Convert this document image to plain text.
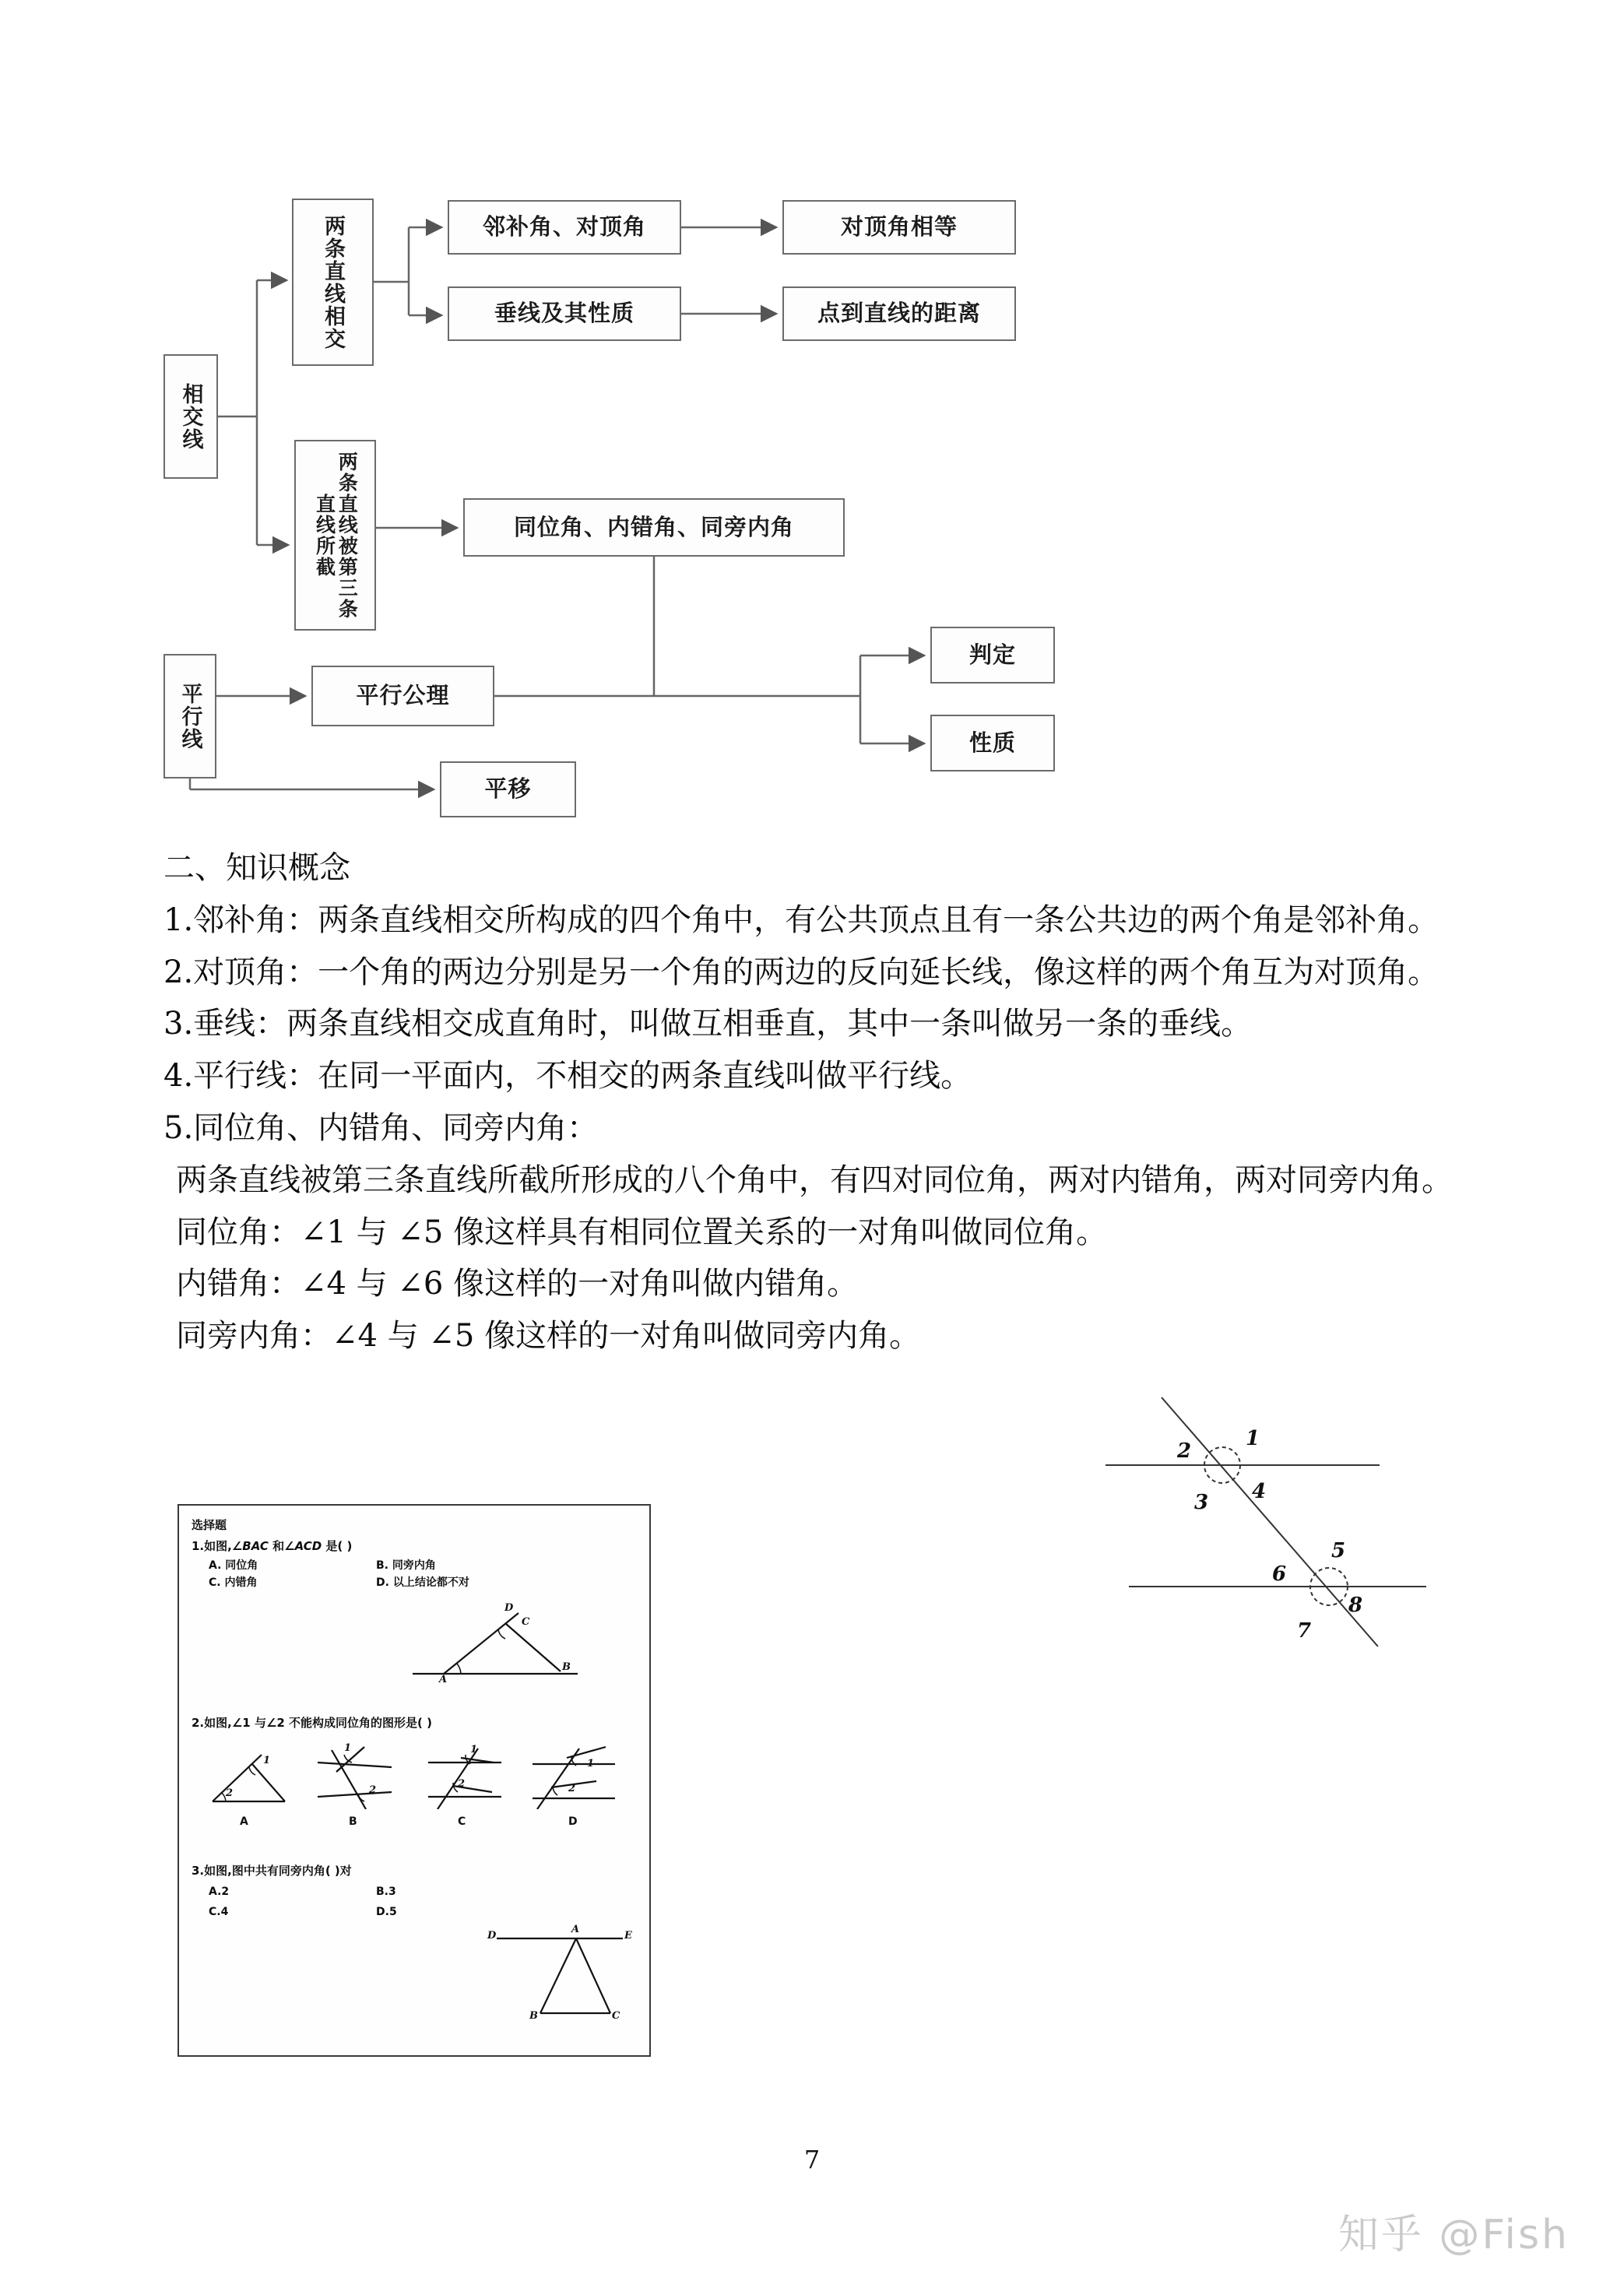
相交线
两条直线相交
两条直线被第三条直线所截
平行线
邻补角、对顶角	对顶角相等
垂线及其性质	点到直线的距离
同位角、内错角、同旁内角
平行公理
平移
判定
性质

二、知识概念

1.邻补角：两条直线相交所构成的四个角中，有公共顶点且有一条公共边的两个角是邻补角。

2.对顶角：一个角的两边分别是另一个角的两边的反向延长线，像这样的两个角互为对顶角。

3.垂线：两条直线相交成直角时，叫做互相垂直，其中一条叫做另一条的垂线。

4.平行线：在同一平面内，不相交的两条直线叫做平行线。

5.同位角、内错角、同旁内角：

两条直线被第三条直线所截所形成的八个角中，有四对同位角，两对内错角，两对同旁内角。

同位角：∠1 与 ∠5 像这样具有相同位置关系的一对角叫做同位角。

内错角：∠4 与 ∠6 像这样的一对角叫做内错角。

同旁内角：∠4 与 ∠5 像这样的一对角叫做同旁内角。

1
2
3 4
5
6
7
8
选择题
1.如图,∠BAC 和∠ACD 是( )
A. 同位角	B. 同旁内角
C. 内错角	D. 以上结论都不对
D
C
A
B
2.如图,∠1 与∠2 不能构成同位角的图形是( )
1
2
A
1
2
B
1
2
C
1
2
D
3.如图,图中共有同旁内角( )对
A.2	B.3
C.4	D.5
D
A
E
B	C
7
知乎 @Fish
